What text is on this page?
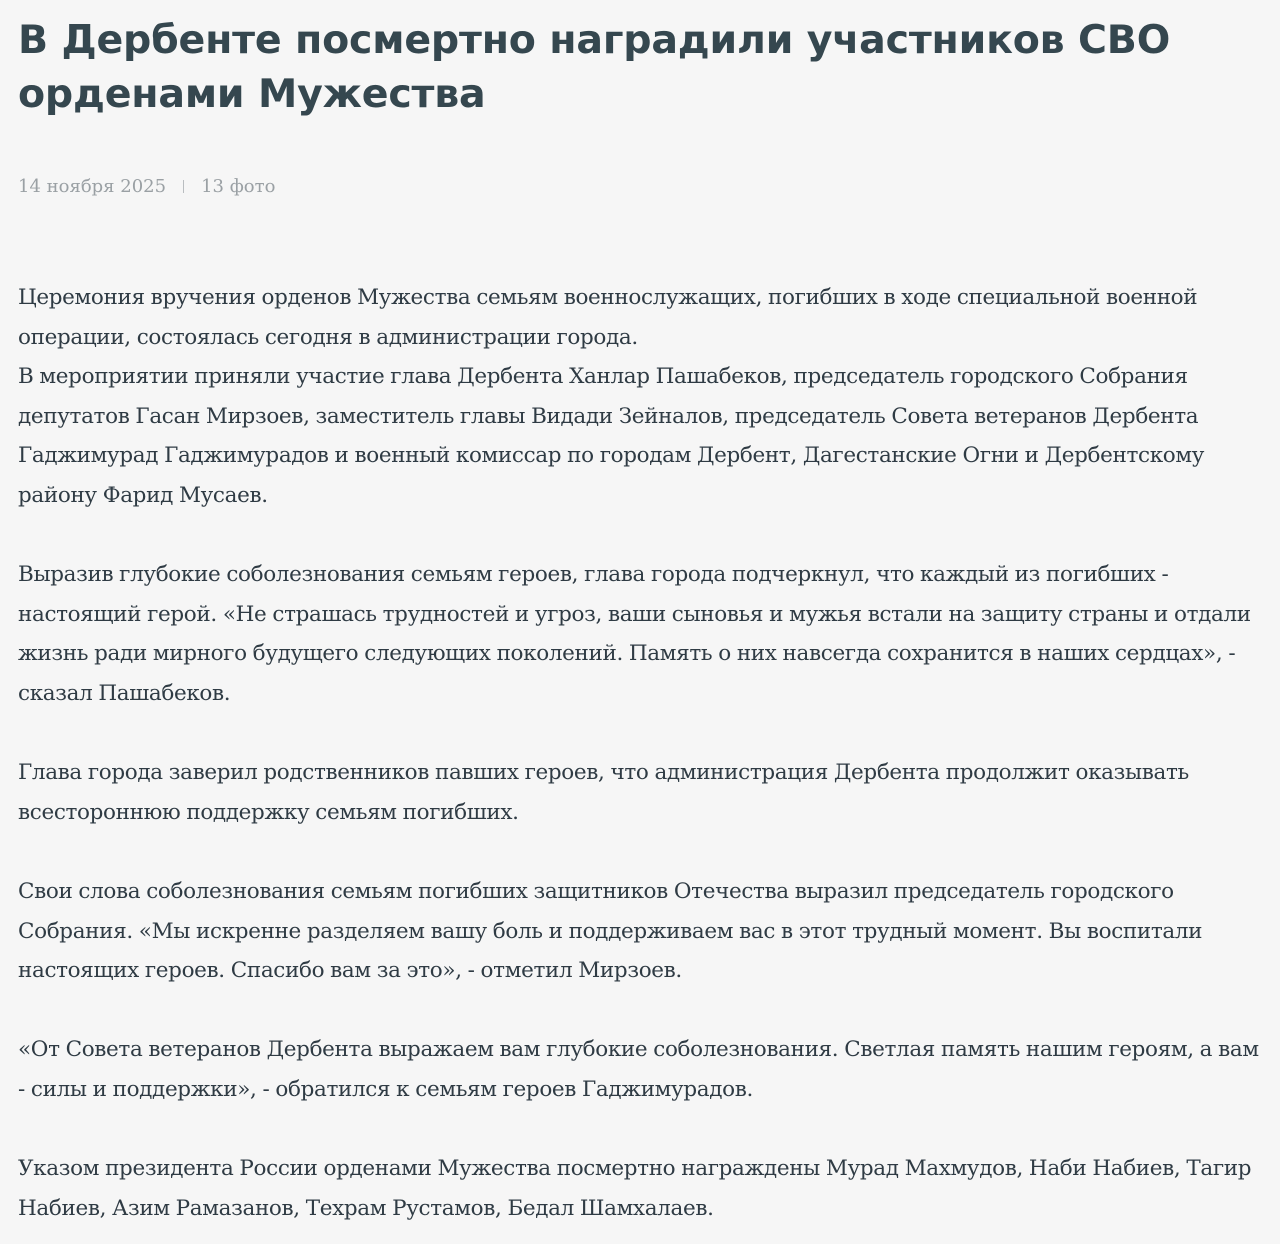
В Дербенте посмертно наградили участников СВО орденами Мужества
14 ноября 2025 13 фото

Церемония вручения орденов Мужества семьям военнослужащих, погибших в ходе специальной военной операции, состоялась сегодня в администрации города.

В мероприятии приняли участие глава Дербента Ханлар Пашабеков, председатель городского Собрания депутатов Гасан Мирзоев, заместитель главы Видади Зейналов, председатель Совета ветеранов Дербента Гаджимурад Гаджимурадов и военный комиссар по городам Дербент, Дагестанские Огни и Дербентскому району Фарид Мусаев.

Выразив глубокие соболезнования семьям героев, глава города подчеркнул, что каждый из погибших - настоящий герой. «Не страшась трудностей и угроз, ваши сыновья и мужья встали на защиту страны и отдали жизнь ради мирного будущего следующих поколений. Память о них навсегда сохранится в наших сердцах», - сказал Пашабеков.

Глава города заверил родственников павших героев, что администрация Дербента продолжит оказывать всестороннюю поддержку семьям погибших.

Свои слова соболезнования семьям погибших защитников Отечества выразил председатель городского Собрания. «Мы искренне разделяем вашу боль и поддерживаем вас в этот трудный момент. Вы воспитали настоящих героев. Спасибо вам за это», - отметил Мирзоев.

«От Совета ветеранов Дербента выражаем вам глубокие соболезнования. Светлая память нашим героям, а вам - силы и поддержки», - обратился к семьям героев Гаджимурадов.

Указом президента России орденами Мужества посмертно награждены Мурад Махмудов, Наби Набиев, Тагир Набиев, Азим Рамазанов, Техрам Рустамов, Бедал Шамхалаев.
